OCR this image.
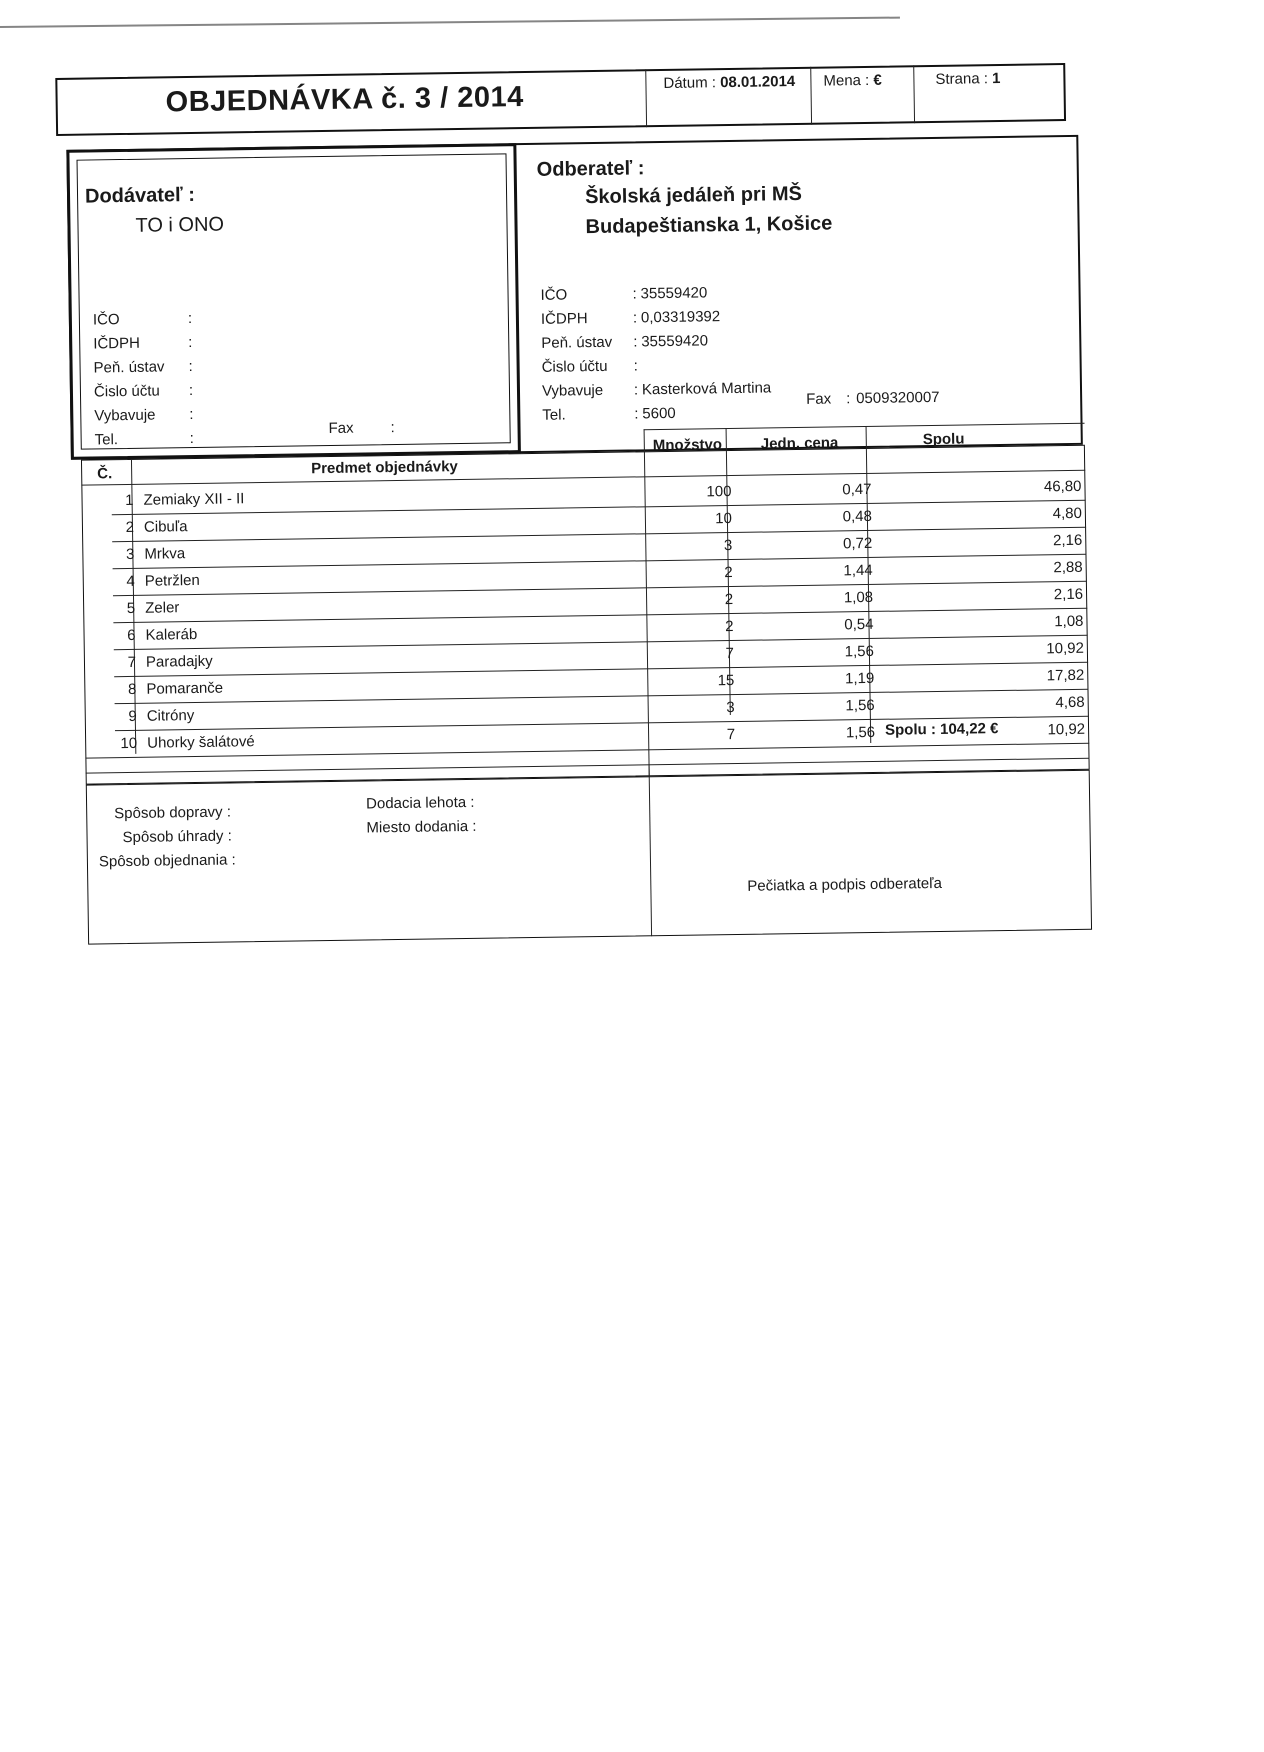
OBJEDNÁVKA č. 3 / 2014	Dátum : 08.01.2014 Mena : €	Strana : 1
Dodávateľ :
TO i ONO
IČO	:
IČDPH	:
Peň. ústav :
Čislo účtu :
Vybavuje :
Tel.	:
Fax :
Odberateľ :
Školská jedáleň pri MŠ
Budapeštianska 1, Košice
IČO	: 35559420
IČDPH	: 0,03319392
Peň. ústav : 35559420
Čislo účtu :
Vybavuje : Kasterková Martina
Tel.	: 5600
Fax : 0509320007
Č.	Predmet objednávky
Množstvo	Jedn. cena	Spolu
1 Zemiaky XII - II	100	0,47	46,80
2 Cibuľa	10	0,48	4,80
3 Mrkva	3	0,72	2,16
4 Petržlen	2	1,44	2,88
5 Zeler	2	1,08	2,16
6 Kaleráb	2	0,54	1,08
7 Paradajky	7	1,56	10,92
8 Pomaranče	15	1,19	17,82
9 Citróny	3	1,56	4,68
10 Uhorky šalátové	7	1,56	10,92
Spolu : 104,22 €
Spôsob dopravy :
Spôsob úhrady :
Spôsob objednania :
Dodacia lehota :
Miesto dodania :
Pečiatka a podpis odberateľa
